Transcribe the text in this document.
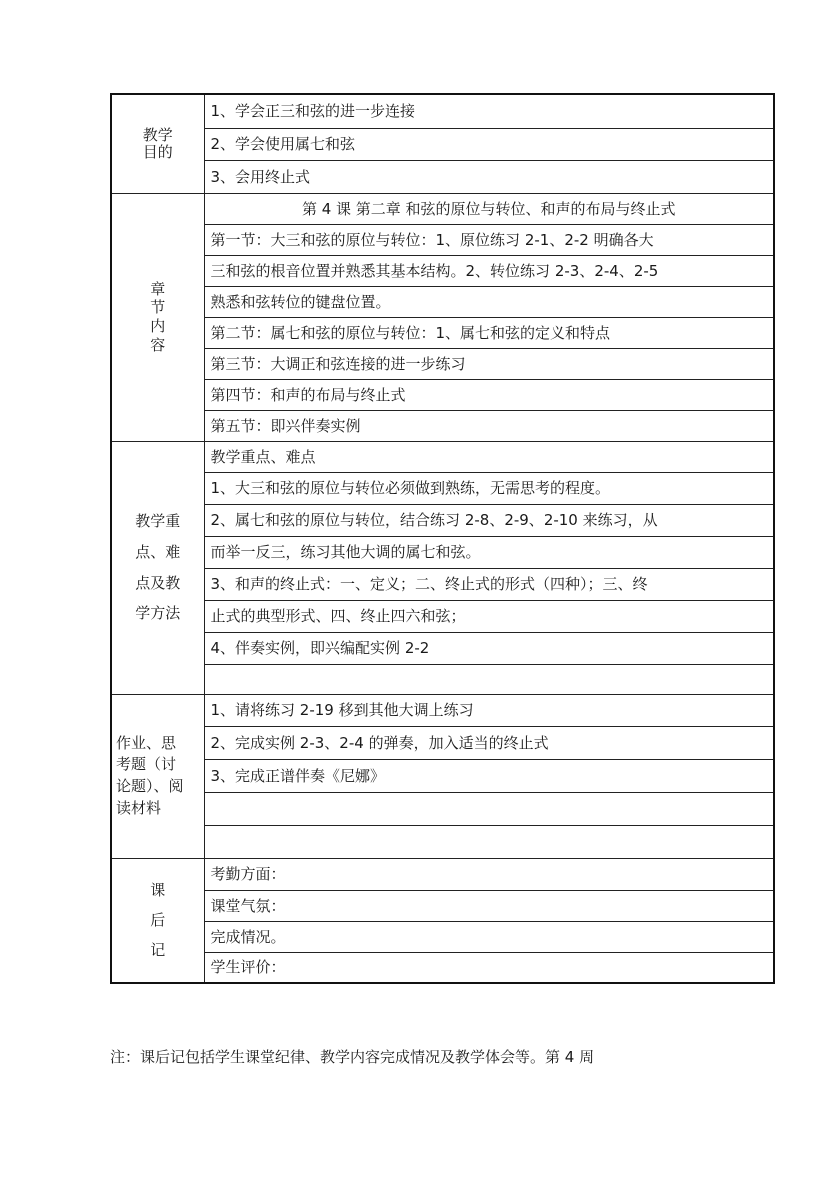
教学
目的	1、学会正三和弦的进一步连接
	2、学会使用属七和弦
	3、会用终止式

章
节
内
容	第 4 课 第二章 和弦的原位与转位、和声的布局与终止式
	第一节：大三和弦的原位与转位：1、原位练习 2-1、2-2 明确各大
	三和弦的根音位置并熟悉其基本结构。2、转位练习 2-3、2-4、2-5
	熟悉和弦转位的键盘位置。
	第二节：属七和弦的原位与转位：1、属七和弦的定义和特点
	第三节：大调正和弦连接的进一步练习
	第四节：和声的布局与终止式
	第五节：即兴伴奏实例

教学重
点、难
点及教
学方法	教学重点、难点
	1、大三和弦的原位与转位必须做到熟练，无需思考的程度。
	2、属七和弦的原位与转位，结合练习 2-8、2-9、2-10 来练习，从
	而举一反三，练习其他大调的属七和弦。
	3、和声的终止式：一、定义；二、终止式的形式（四种）；三、终
	止式的典型形式、四、终止四六和弦；
	4、伴奏实例，即兴编配实例 2-2

作业、思
考题（讨
论题）、阅
读材料	1、请将练习 2-19 移到其他大调上练习
	2、完成实例 2-3、2-4 的弹奏，加入适当的终止式
	3、完成正谱伴奏《尼娜》

课
后
记	考勤方面：
	课堂气氛：
	完成情况。
	学生评价：
注：课后记包括学生课堂纪律、教学内容完成情况及教学体会等。第 4 周
